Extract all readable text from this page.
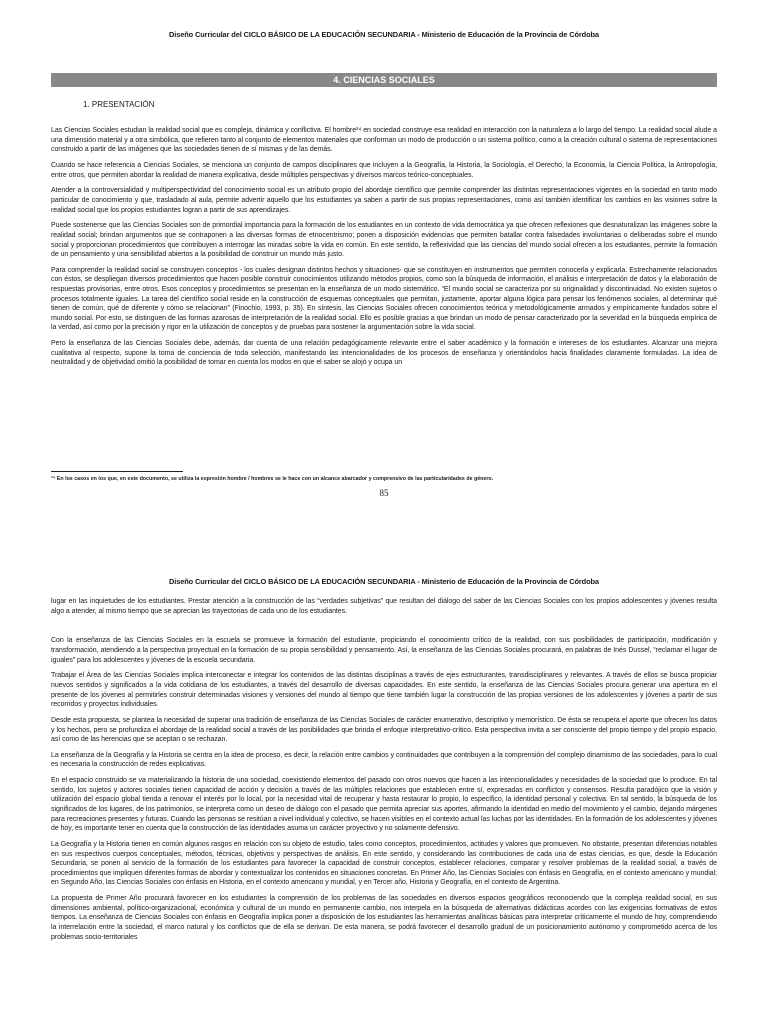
Diseño Curricular del CICLO BÁSICO DE LA EDUCACIÓN SECUNDARIA - Ministerio de Educación de la Provincia de Córdoba
4. CIENCIAS SOCIALES
1. PRESENTACIÓN

Las Ciencias Sociales estudian la realidad social que es compleja, dinámica y conflictiva. El hombre³⁴ en sociedad construye esa realidad en interacción con la naturaleza a lo largo del tiempo. La realidad social alude a una dimensión material y a otra simbólica, que refieren tanto al conjunto de elementos materiales que conforman un modo de producción o un sistema político, como a la creación cultural o sistema de representaciones construido a partir de las imágenes que las sociedades tienen de sí mismas y de las demás.

Cuando se hace referencia a Ciencias Sociales, se menciona un conjunto de campos disciplinares que incluyen a la Geografía, la Historia, la Sociología, el Derecho, la Economía, la Ciencia Política, la Antropología, entre otros, que permiten abordar la realidad de manera explicativa, desde múltiples perspectivas y diversos marcos teórico-conceptuales.

Atender a la controversialidad y multiperspectividad del conocimiento social es un atributo propio del abordaje científico que permite comprender las distintas representaciones vigentes en la sociedad en tanto modo particular de conocimiento y que, trasladado al aula, permite advertir aquello que los estudiantes ya saben a partir de sus propias representaciones, como así también identificar los cambios en las visiones sobre la realidad social que los propios estudiantes logran a partir de sus aprendizajes.

Puede sostenerse que las Ciencias Sociales son de primordial importancia para la formación de los estudiantes en un contexto de vida democrática ya que ofrecen reflexiones que desnaturalizan las imágenes sobre la realidad social; brindan argumentos que se contraponen a las diversas formas de etnocentrismo; ponen a disposición evidencias que permiten batallar contra falsedades involuntarias o deliberadas sobre el mundo social y proporcionan procedimientos que contribuyen a interrogar las miradas sobre la vida en común. En este sentido, la reflexividad que las ciencias del mundo social ofrecen a los estudiantes, permite la formación de un pensamiento y una sensibilidad abiertos a la posibilidad de construir un mundo más justo.

Para comprender la realidad social se construyen conceptos - los cuales designan distintos hechos y situaciones- que se constituyen en instrumentos que permiten conocerla y explicarla. Estrechamente relacionados con éstos, se despliegan diversos procedimientos que hacen posible construir conocimientos utilizando métodos propios, como son la búsqueda de información, el análisis e interpretación de datos y la elaboración de respuestas provisorias, entre otros. Esos conceptos y procedimientos se presentan en la enseñanza de un modo sistemático. “El mundo social se caracteriza por su originalidad y discontinuidad. No existen sujetos o procesos totalmente iguales. La tarea del científico social reside en la construcción de esquemas conceptuales que permitan, justamente, aportar alguna lógica para pensar los fenómenos sociales, al determinar qué tienen de común, qué de diferente y cómo se relacionan” (Finochio, 1993, p. 35). En síntesis, las Ciencias Sociales ofrecen conocimientos teórica y metodológicamente armados y empíricamente fundados sobre el mundo social. Por esto, se distinguen de las formas azarosas de interpretación de la realidad social. Ello es posible gracias a que brindan un modo de pensar caracterizado por la severidad en la búsqueda empírica de la verdad, así como por la precisión y rigor en la utilización de conceptos y de pruebas para sostener la argumentación sobre la vida social.

Pero la enseñanza de las Ciencias Sociales debe, además, dar cuenta de una relación pedagógicamente relevante entre el saber académico y la formación e intereses de los estudiantes. Alcanzar una mejora cualitativa al respecto, supone la toma de conciencia de toda selección, manifestando las intencionalidades de los procesos de enseñanza y orientándolos hacia finalidades claramente formuladas. La idea de neutralidad y de objetividad omitió la posibilidad de tomar en cuenta los modos en que el saber se alojó y ocupa un

³⁴ En los casos en los que, en este documento, se utiliza la expresión hombre / hombres se le hace con un alcance abarcador y comprensivo de las particularidades de género.
85
Diseño Curricular del CICLO BÁSICO DE LA EDUCACIÓN SECUNDARIA - Ministerio de Educación de la Provincia de Córdoba

lugar en las inquietudes de los estudiantes. Prestar atención a la construcción de las “verdades subjetivas” que resultan del diálogo del saber de las Ciencias Sociales con los propios adolescentes y jóvenes resulta algo a atender, al mismo tiempo que se aprecian las trayectorias de cada uno de los estudiantes.

Con la enseñanza de las Ciencias Sociales en la escuela se promueve la formación del estudiante, propiciando el conocimiento crítico de la realidad, con sus posibilidades de participación, modificación y transformación, atendiendo a la perspectiva proyectual en la formación de su propia sensibilidad y pensamiento. Así, la enseñanza de las Ciencias Sociales procurará, en palabras de Inés Dussel, “reclamar el lugar de iguales” para los adolescentes y jóvenes de la escuela secundaria.

Trabajar el Área de las Ciencias Sociales implica interconectar e integrar los contenidos de las distintas disciplinas a través de ejes estructurantes, transdisciplinares y relevantes. A través de ellos se busca propiciar nuevos sentidos y significados a la vida cotidiana de los estudiantes, a través del desarrollo de diversas capacidades. En este sentido, la enseñanza de las Ciencias Sociales procura generar una apertura en el presente de los jóvenes al permitirles construir determinadas visiones y versiones del mundo al tiempo que tiene también lugar la construcción de las propias versiones de los adolescentes y jóvenes a partir de sus recorridos y proyectos individuales.

Desde esta propuesta, se plantea la necesidad de superar una tradición de enseñanza de las Ciencias Sociales de carácter enumerativo, descriptivo y memorístico. De ésta se recupera el aporte que ofrecen los datos y los hechos, pero se profundiza el abordaje de la realidad social a través de las posibilidades que brinda el enfoque interpretativo-crítico. Esta perspectiva invita a ser consciente del propio tiempo y del propio espacio, así como de las herencias que se aceptan o se rechazan.

La enseñanza de la Geografía y la Historia se centra en la idea de proceso, es decir, la relación entre cambios y continuidades que contribuyen a la comprensión del complejo dinamismo de las sociedades, para lo cual es necesaria la construcción de redes explicativas.

En el espacio construido se va materializando la historia de una sociedad, coexistiendo elementos del pasado con otros nuevos que hacen a las intencionalidades y necesidades de la sociedad que lo produce. En tal sentido, los sujetos y actores sociales tienen capacidad de acción y decisión a través de las múltiples relaciones que establecen entre sí, expresadas en conflictos y consensos. Resulta paradójico que la visión y utilización del espacio global tienda a renovar el interés por lo local, por la necesidad vital de recuperar y hasta restaurar lo propio, lo específico, la identidad personal y colectiva. En tal sentido, la búsqueda de los significados de los lugares, de los patrimonios, se interpreta como un deseo de diálogo con el pasado que permita apreciar sus aportes, afirmando la identidad en medio del movimiento y el cambio, dejando márgenes para recreaciones presentes y futuras. Cuando las personas se resitúan a nivel individual y colectivo, se hacen visibles en el contexto actual las luchas por las identidades. En la formación de los adolescentes y jóvenes de hoy, es importante tener en cuenta que la construcción de las identidades asuma un carácter proyectivo y no solamente defensivo.

La Geografía y la Historia tienen en común algunos rasgos en relación con su objeto de estudio, tales como conceptos, procedimientos, actitudes y valores que promueven. No obstante, presentan diferencias notables en sus respectivos cuerpos conceptuales, métodos, técnicas, objetivos y perspectivas de análisis. En este sentido, y considerando las contribuciones de cada una de estas ciencias, es que, desde la Educación Secundaria, se ponen al servicio de la formación de los estudiantes para favorecer la capacidad de construir conceptos, establecer relaciones, comparar y resolver problemas de la realidad social, a través de procedimientos que impliquen diferentes formas de abordar y contextualizar los contenidos en situaciones concretas. En Primer Año, las Ciencias Sociales con énfasis en Geografía, en el contexto americano y mundial; en Segundo Año, las Ciencias Sociales con énfasis en Historia, en el contexto americano y mundial, y en Tercer año, Historia y Geografía, en el contexto de Argentina.

La propuesta de Primer Año procurará favorecer en los estudiantes la comprensión de los problemas de las sociedades en diversos espacios geográficos reconociendo que la compleja realidad social, en sus dimensiones ambiental, político-organizacional, económica y cultural de un mundo en permanente cambio, nos interpela en la búsqueda de alternativas didácticas acordes con las exigencias formativas de estos tiempos. La enseñanza de Ciencias Sociales con énfasis en Geografía implica poner a disposición de los estudiantes las herramientas analíticas básicas para interpretar críticamente el mundo de hoy, comprendiendo la interrelación entre la sociedad, el marco natural y los conflictos que de ella se derivan. De esta manera, se podrá favorecer el desarrollo gradual de un posicionamiento autónomo y comprometido acerca de los problemas socio-territoriales
